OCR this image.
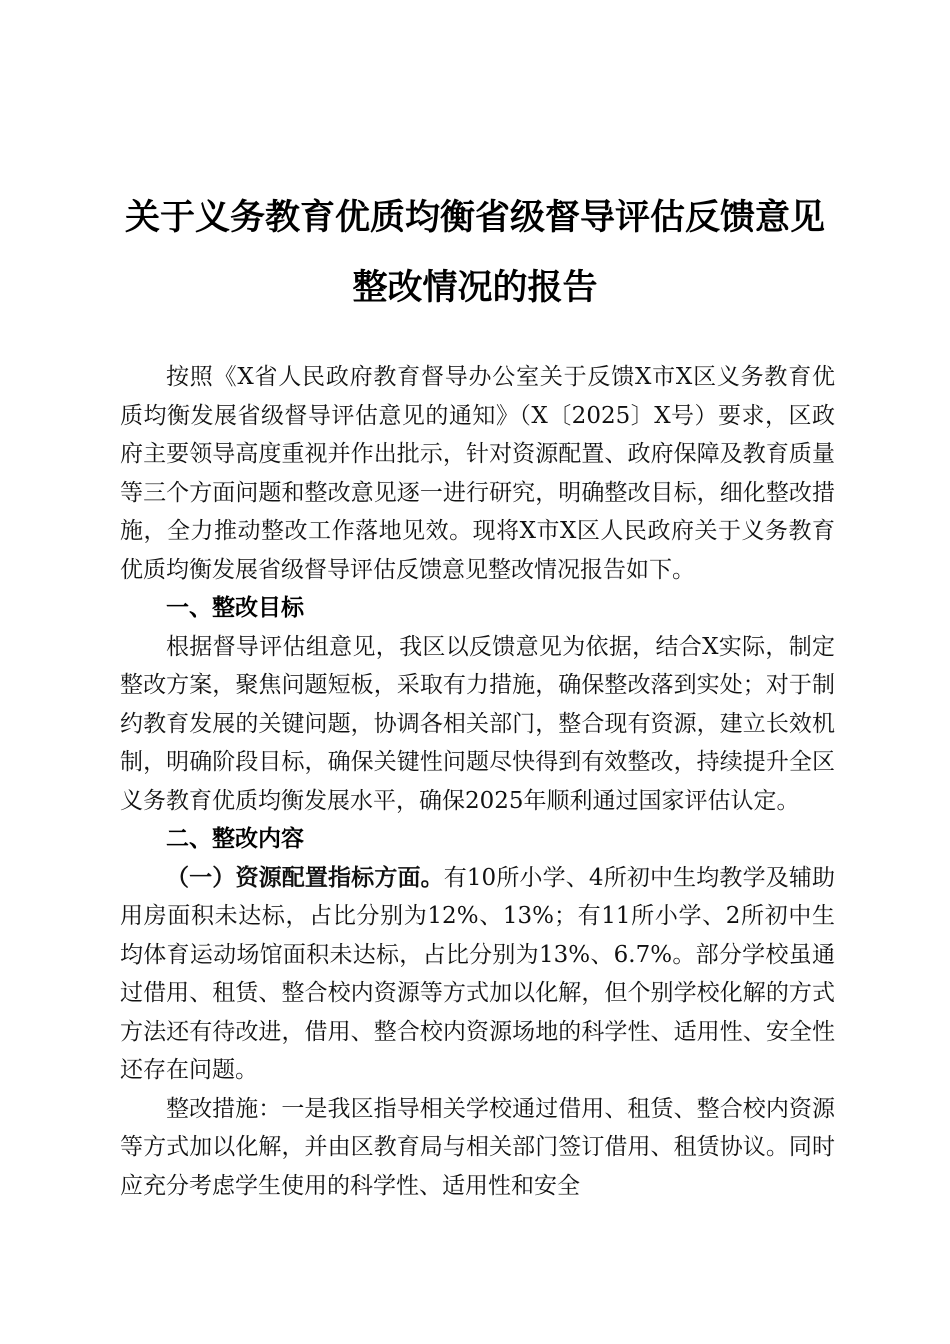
关于义务教育优质均衡省级督导评估反馈意见
整改情况的报告

按照《X省人民政府教育督导办公室关于反馈X市X区义务教育优质均衡发展省级督导评估意见的通知》（X〔2025〕X号）要求，区政府主要领导高度重视并作出批示，针对资源配置、政府保障及教育质量等三个方面问题和整改意见逐一进行研究，明确整改目标，细化整改措施，全力推动整改工作落地见效。现将X市X区人民政府关于义务教育优质均衡发展省级督导评估反馈意见整改情况报告如下。

一、整改目标

根据督导评估组意见，我区以反馈意见为依据，结合X实际，制定整改方案，聚焦问题短板，采取有力措施，确保整改落到实处；对于制约教育发展的关键问题，协调各相关部门，整合现有资源，建立长效机制，明确阶段目标，确保关键性问题尽快得到有效整改，持续提升全区义务教育优质均衡发展水平，确保2025年顺利通过国家评估认定。

二、整改内容

（一）资源配置指标方面。有10所小学、4所初中生均教学及辅助用房面积未达标，占比分别为12%、13%；有11所小学、2所初中生均体育运动场馆面积未达标，占比分别为13%、6.7%。部分学校虽通过借用、租赁、整合校内资源等方式加以化解，但个别学校化解的方式方法还有待改进，借用、整合校内资源场地的科学性、适用性、安全性还存在问题。

整改措施：一是我区指导相关学校通过借用、租赁、整合校内资源等方式加以化解，并由区教育局与相关部门签订借用、租赁协议。同时应充分考虑学生使用的科学性、适用性和安全
